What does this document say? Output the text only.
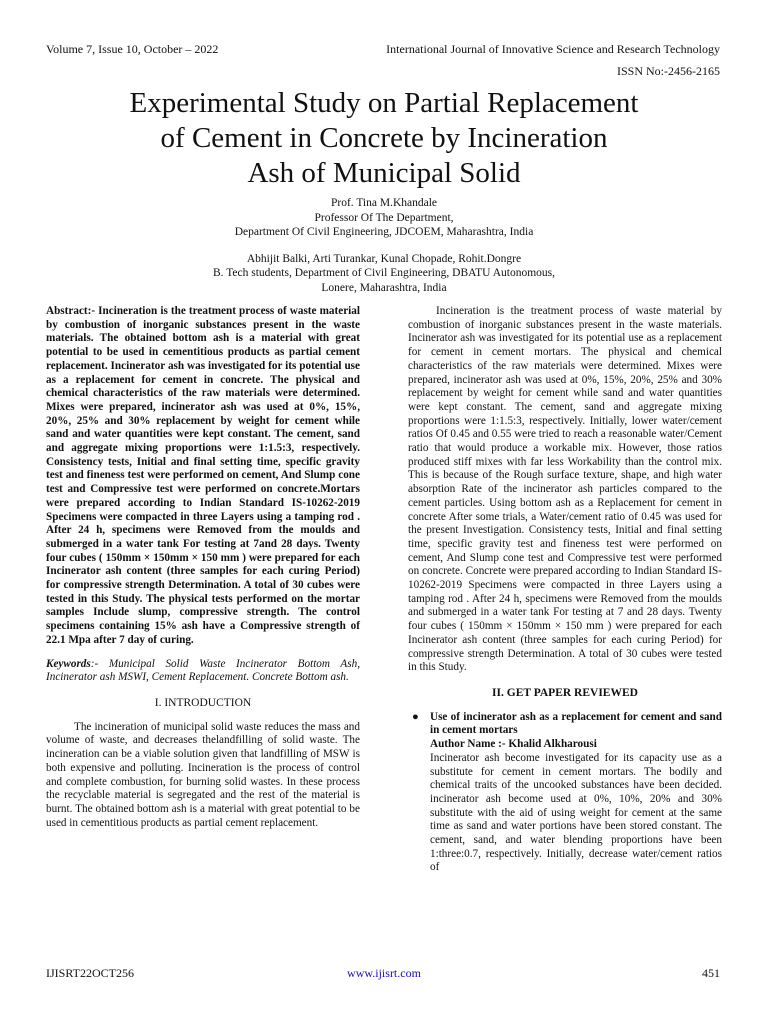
Volume 7, Issue 10, October – 2022	International Journal of Innovative Science and Research Technology
ISSN No:-2456-2165
Experimental Study on Partial Replacement
of Cement in Concrete by Incineration
Ash of Municipal Solid

Prof. Tina M.Khandale

Professor Of The Department,

Department Of Civil Engineering, JDCOEM, Maharashtra, India

Abhijit Balki, Arti Turankar, Kunal Chopade, Rohit.Dongre

B. Tech students, Department of Civil Engineering, DBATU Autonomous,

Lonere, Maharashtra, India

Abstract:- Incineration is the treatment process of waste material by combustion of inorganic substances present in the waste materials. The obtained bottom ash is a material with great potential to be used in cementitious products as partial cement replacement. Incinerator ash was investigated for its potential use as a replacement for cement in concrete. The physical and chemical characteristics of the raw materials were determined. Mixes were prepared, incinerator ash was used at 0%, 15%, 20%, 25% and 30% replacement by weight for cement while sand and water quantities were kept constant. The cement, sand and aggregate mixing proportions were 1:1.5:3, respectively. Consistency tests, Initial and final setting time, specific gravity test and fineness test were performed on cement, And Slump cone test and Compressive test were performed on concrete.Mortars were prepared according to Indian Standard IS-10262-2019 Specimens were compacted in three Layers using a tamping rod . After 24 h, specimens were Removed from the moulds and submerged in a water tank For testing at 7and 28 days. Twenty four cubes ( 150mm × 150mm × 150 mm ) were prepared for each Incinerator ash content (three samples for each curing Period) for compressive strength Determination. A total of 30 cubes were tested in this Study. The physical tests performed on the mortar samples Include slump, compressive strength. The control specimens containing 15% ash have a Compressive strength of 22.1 Mpa after 7 day of curing.

Keywords:- Municipal Solid Waste Incinerator Bottom Ash, Incinerator ash MSWI, Cement Replacement. Concrete Bottom ash.

I. INTRODUCTION

The incineration of municipal solid waste reduces the mass and volume of waste, and decreases thelandfilling of solid waste. The incineration can be a viable solution given that landfilling of MSW is both expensive and polluting. Incineration is the process of control and complete combustion, for burning solid wastes. In these process the recyclable material is segregated and the rest of the material is burnt. The obtained bottom ash is a material with great potential to be used in cementitious products as partial cement replacement.

Incineration is the treatment process of waste material by combustion of inorganic substances present in the waste materials. Incinerator ash was investigated for its potential use as a replacement for cement in cement mortars. The physical and chemical characteristics of the raw materials were determined. Mixes were prepared, incinerator ash was used at 0%, 15%, 20%, 25% and 30% replacement by weight for cement while sand and water quantities were kept constant. The cement, sand and aggregate mixing proportions were 1:1.5:3, respectively. Initially, lower water/cement ratios Of 0.45 and 0.55 were tried to reach a reasonable water/Cement ratio that would produce a workable mix. However, those ratios produced stiff mixes with far less Workability than the control mix. This is because of the Rough surface texture, shape, and high water absorption Rate of the incinerator ash particles compared to the cement particles. Using bottom ash as a Replacement for cement in concrete After some trials, a Water/cement ratio of 0.45 was used for the present Investigation. Consistency tests, Initial and final setting time, specific gravity test and fineness test were performed on cement, And Slump cone test and Compressive test were performed on concrete. Concrete were prepared according to Indian Standard IS-10262-2019 Specimens were compacted in three Layers using a tamping rod . After 24 h, specimens were Removed from the moulds and submerged in a water tank For testing at 7 and 28 days. Twenty four cubes ( 150mm × 150mm × 150 mm ) were prepared for each Incinerator ash content (three samples for each curing Period) for compressive strength Determination. A total of 30 cubes were tested in this Study.

II. GET PAPER REVIEWED

● Use of incinerator ash as a replacement for cement and sand in cement mortars
Author Name :- Khalid Alkharousi

Incinerator ash become investigated for its capacity use as a substitute for cement in cement mortars. The bodily and chemical traits of the uncooked substances have been decided. incinerator ash become used at 0%, 10%, 20% and 30% substitute with the aid of using weight for cement at the same time as sand and water portions have been stored constant. The cement, sand, and water blending proportions have been 1:three:0.7, respectively. Initially, decrease water/cement ratios of

IJISRT22OCT256	www.ijisrt.com	451
